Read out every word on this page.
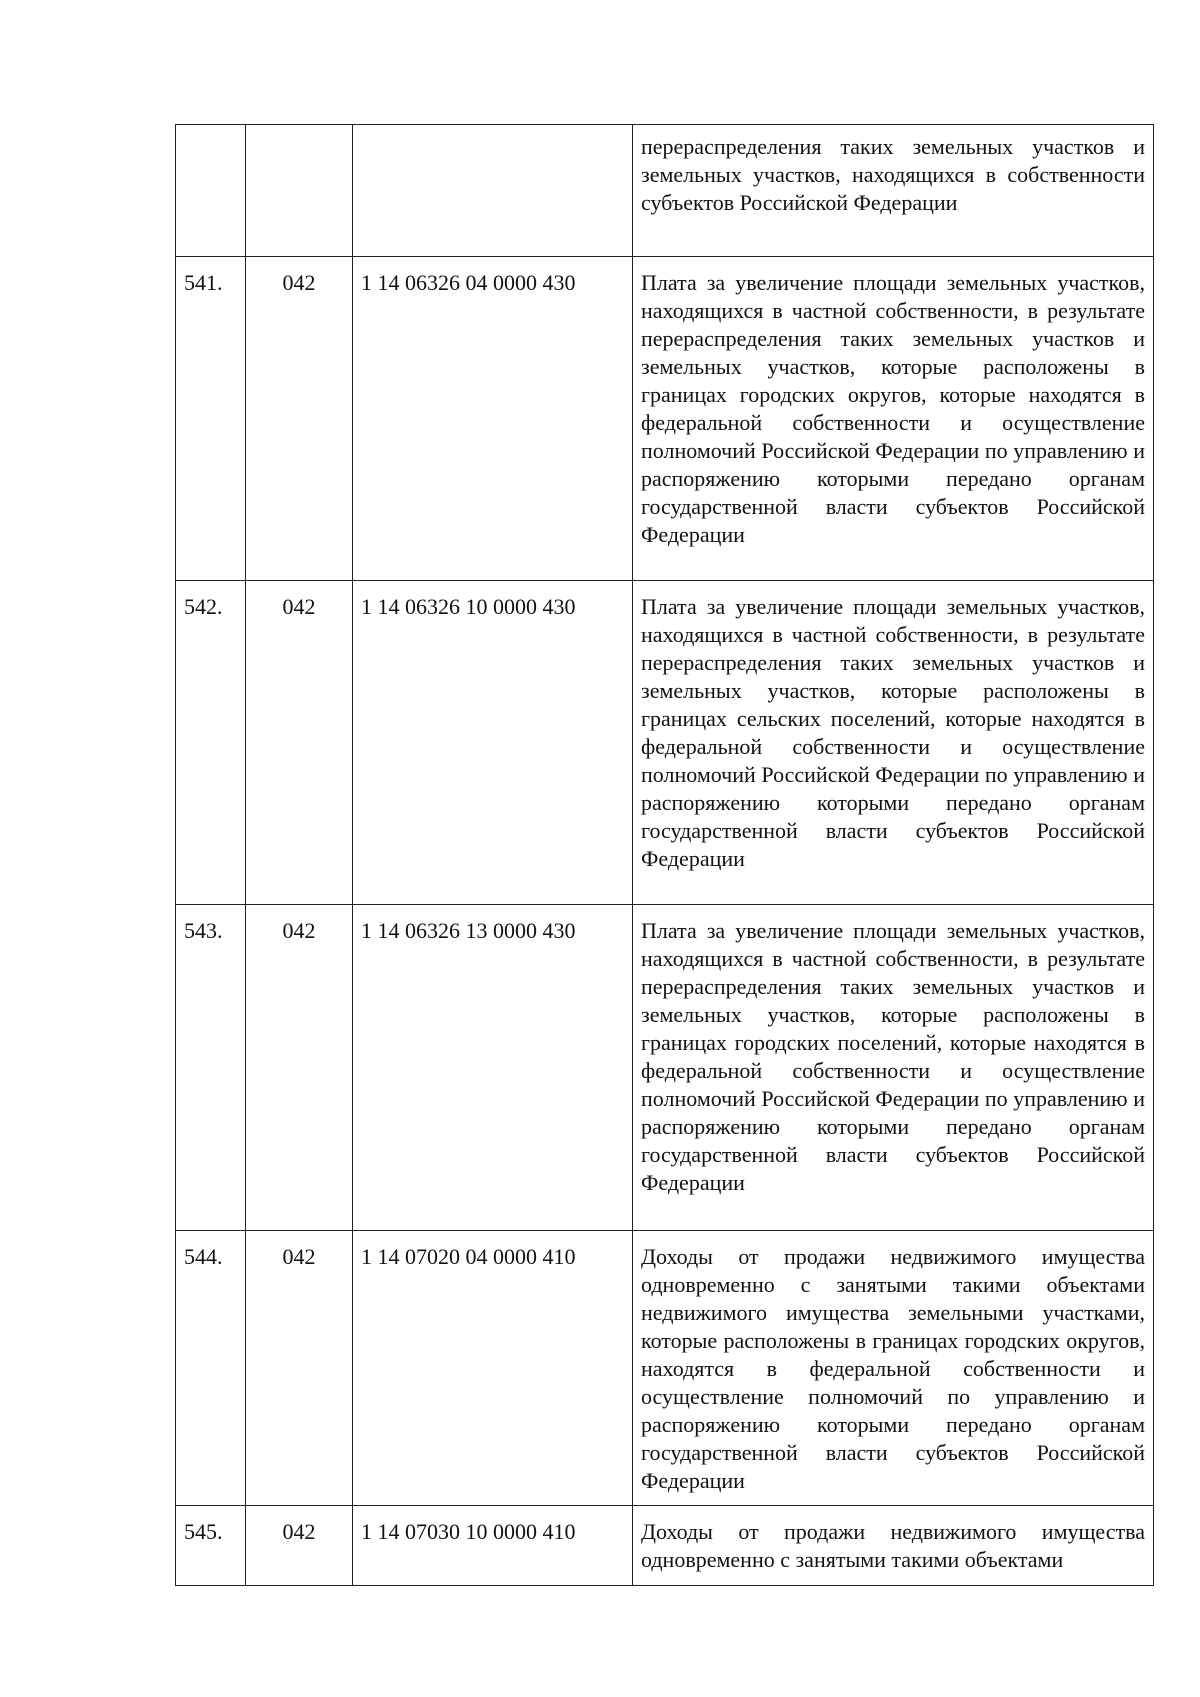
			перераспределения таких земельных участков и земельных участков, находящихся в собственности субъектов Российской Федерации

541.	042	1 14 06326 04 0000 430	Плата за увеличение площади земельных участков, находящихся в частной собственности, в результате перераспределения таких земельных участков и земельных участков, которые расположены в границах городских округов, которые находятся в федеральной собственности и осуществление полномочий Российской Федерации по управлению и распоряжению которыми передано органам государственной власти субъектов Российской Федерации

542.	042	1 14 06326 10 0000 430	Плата за увеличение площади земельных участков, находящихся в частной собственности, в результате перераспределения таких земельных участков и земельных участков, которые расположены в границах сельских поселений, которые находятся в федеральной собственности и осуществление полномочий Российской Федерации по управлению и распоряжению которыми передано органам государственной власти субъектов Российской Федерации

543.	042	1 14 06326 13 0000 430	Плата за увеличение площади земельных участков, находящихся в частной собственности, в результате перераспределения таких земельных участков и земельных участков, которые расположены в границах городских поселений, которые находятся в федеральной собственности и осуществление полномочий Российской Федерации по управлению и распоряжению которыми передано органам государственной власти субъектов Российской Федерации

544.	042	1 14 07020 04 0000 410	Доходы от продажи недвижимого имущества одновременно с занятыми такими объектами недвижимого имущества земельными участками, которые расположены в границах городских округов, находятся в федеральной собственности и осуществление полномочий по управлению и распоряжению которыми передано органам государственной власти субъектов Российской Федерации

545.	042	1 14 07030 10 0000 410	Доходы от продажи недвижимого имущества одновременно с занятыми такими объектами
